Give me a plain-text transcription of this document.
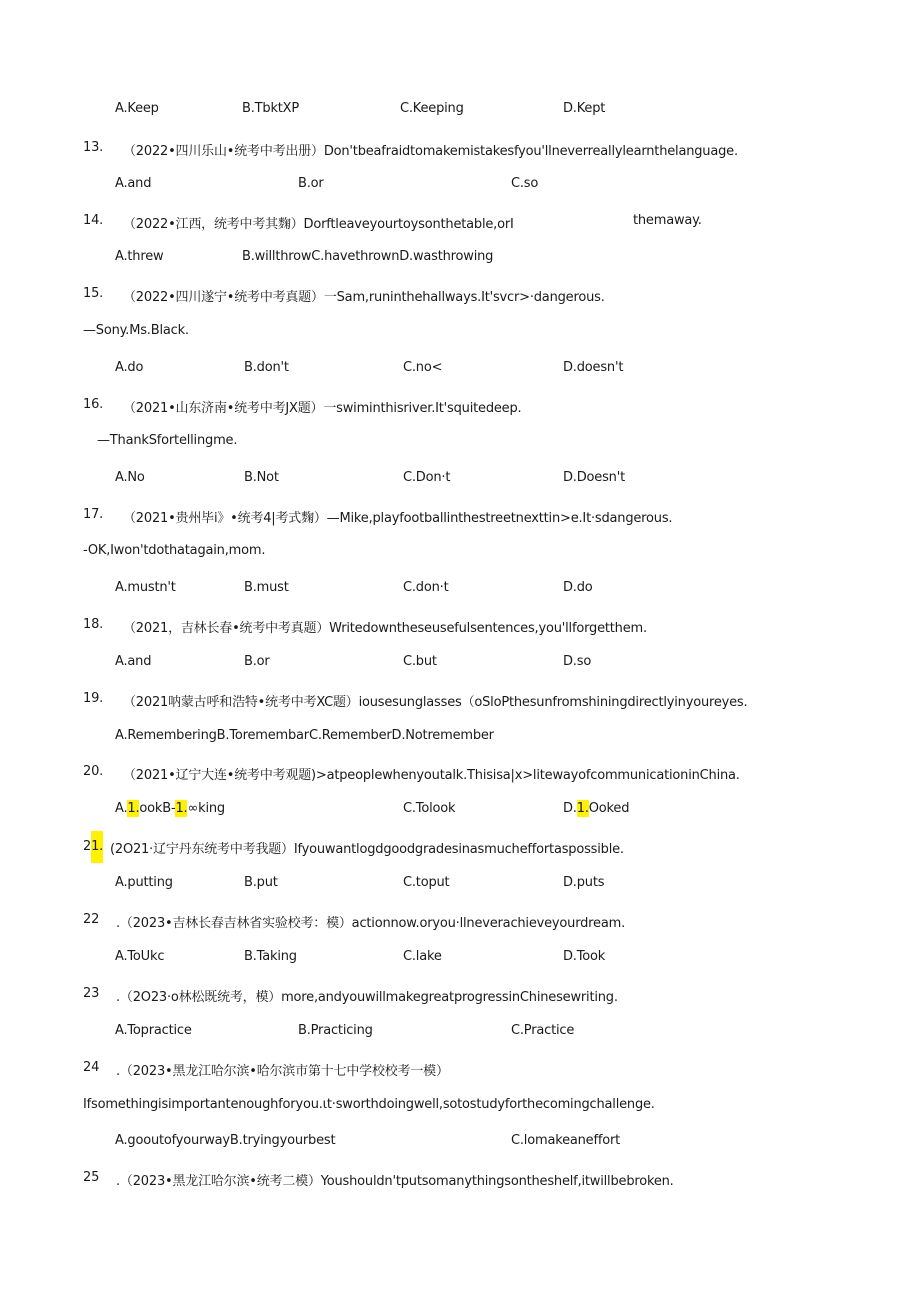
A.Keep	B.TbktXP	C.Keeping	D.Kept
13. （2022•四川乐山•统考中考出册）Don'tbeafraidtomakemistakesfyou'llneverreallylearnthelanguage.
A.and	B.or	C.so
14. （2022•江西，统考中考其麴）Dorftleaveyourtoysonthetable,orI	themaway.
A.threw	B.willthrowC.havethrownD.wasthrowing
15. （2022•四川遂宁•统考中考真题）一Sam,runinthehallways.It'svcr>·dangerous.
—Sony.Ms.Black.
A.do	B.don't	C.no<	D.doesn't
16. （2021•山东济南•统考中考JX题）一swiminthisriver.It'squitedeep.
—ThankSfortellingme.
A.No	B.Not	C.Don·t	D.Doesn't
17. （2021•贵州毕i》•统考4|考式麴）—Mike,playfootballinthestreetnexttin>e.It·sdangerous.
-OK,Iwon'tdothatagain,mom.
A.mustn't	B.must	C.don·t	D.do
18. （2021，吉林长春•统考中考真题）Writedowntheseusefulsentences,you'llforgetthem.
A.and	B.or	C.but	D.so
19. （2021呐蒙古呼和浩特•统考中考XC题）iousesunglasses（oSloPthesunfromshiningdirectlyinyoureyes.
A.RememberingB.ToremembarC.RememberD.Notremember
20. （2021•辽宁大连•统考中考观题)>atpeoplewhenyoutalk.Thisisa|x>litewayofcommunicationinChina.
A.1.ookB-1.∞king	C.Tolook	D.1.Ooked
21. (2O21·辽宁丹东统考中考我题）Ifyouwantlogdgoodgradesinasmucheffortaspossible.
A.putting	B.put	C.toput	D.puts
22 .（2023•吉林长春吉林省实验校考：模）actionnow.oryou·llneverachieveyourdream.
A.ToUkc	B.Taking	C.lake	D.Took
23 .（2O23·o林松既统考，模）more,andyouwillmakegreatprogressinChinesewriting.
A.Topractice	B.Practicing	C.Practice
24 .（2023•黑龙江哈尔滨•哈尔滨市第十七中学校校考一模）
Ifsomethingisimportantenoughforyou.ιt·sworthdoingwell,sotostudyforthecomingchallenge.
A.gooutofyourwayB.tryingyourbest	C.lomakeaneffort
25 .（2023•黑龙江哈尔滨•统考二模）Youshouldn'tputsomanythingsontheshelf,itwillbebroken.
